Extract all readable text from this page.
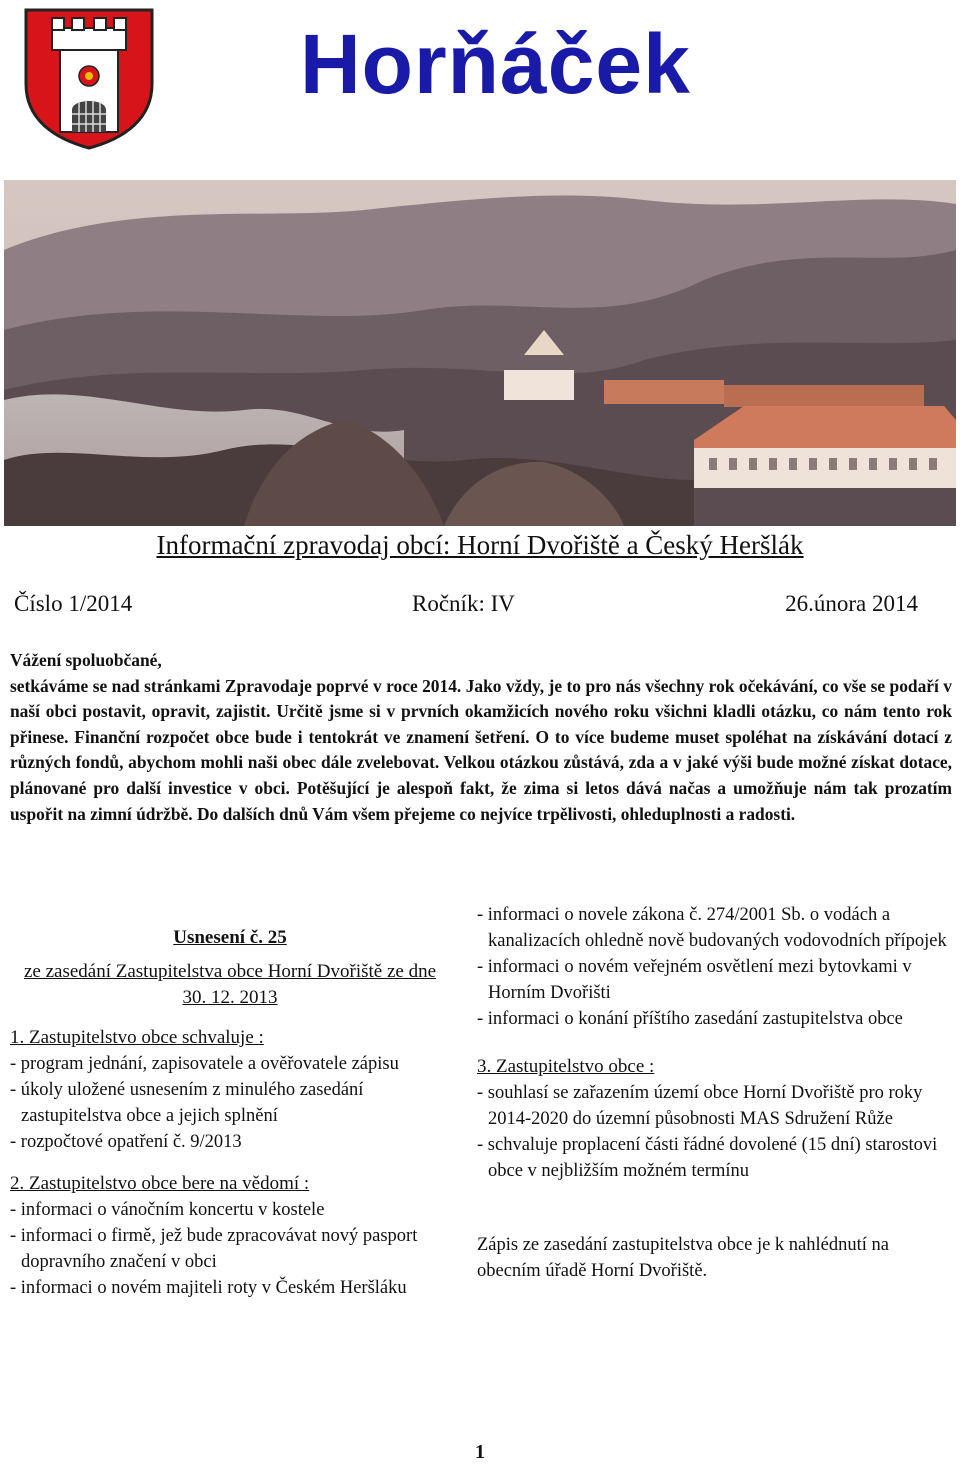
Horňáček
Informační zpravodaj obcí: Horní Dvořiště a Český Heršlák
Číslo 1/2014	Ročník: IV	26.února 2014
Vážení spoluobčané,
setkáváme se nad stránkami Zpravodaje poprvé v roce 2014. Jako vždy, je to pro nás všechny rok očekávání, co vše se podaří v naší obci postavit, opravit, zajistit. Určitě jsme si v prvních okamžicích nového roku všichni kladli otázku, co nám tento rok přinese. Finanční rozpočet obce bude i tentokrát ve znamení šetření. O to více budeme muset spoléhat na získávání dotací z různých fondů, abychom mohli naši obec dále zvelebovat. Velkou otázkou zůstává, zda a v jaké výši bude možné získat dotace, plánované pro další investice v obci. Potěšující je alespoň fakt, že zima si letos dává načas a umožňuje nám tak prozatím uspořit na zimní údržbě. Do dalších dnů Vám všem přejeme co nejvíce trpělivosti, ohleduplnosti a radosti.
Usnesení č. 25
ze zasedání Zastupitelstva obce Horní Dvořiště ze dne 30. 12. 2013
1. Zastupitelstvo obce schvaluje :
- program jednání, zapisovatele a ověřovatele zápisu
- úkoly uložené usnesením z minulého zasedání zastupitelstva obce a jejich splnění
- rozpočtové opatření č. 9/2013
2. Zastupitelstvo obce bere na vědomí :
- informaci o vánočním koncertu v kostele
- informaci o firmě, jež bude zpracovávat nový pasport dopravního značení v obci
- informaci o novém majiteli roty v Českém Heršláku
- informaci o novele zákona č. 274/2001 Sb. o vodách a kanalizacích ohledně nově budovaných vodovodních přípojek
- informaci o novém veřejném osvětlení mezi bytovkami v Horním Dvořišti
- informaci o konání příštího zasedání zastupitelstva obce
3. Zastupitelstvo obce :
- souhlasí se zařazením území obce Horní Dvořiště pro roky 2014-2020 do územní působnosti MAS Sdružení Růže
- schvaluje proplacení části řádné dovolené (15 dní) starostovi obce v nejbližším možném termínu
Zápis ze zasedání zastupitelstva obce je k nahlédnutí na obecním úřadě Horní Dvořiště.
1
